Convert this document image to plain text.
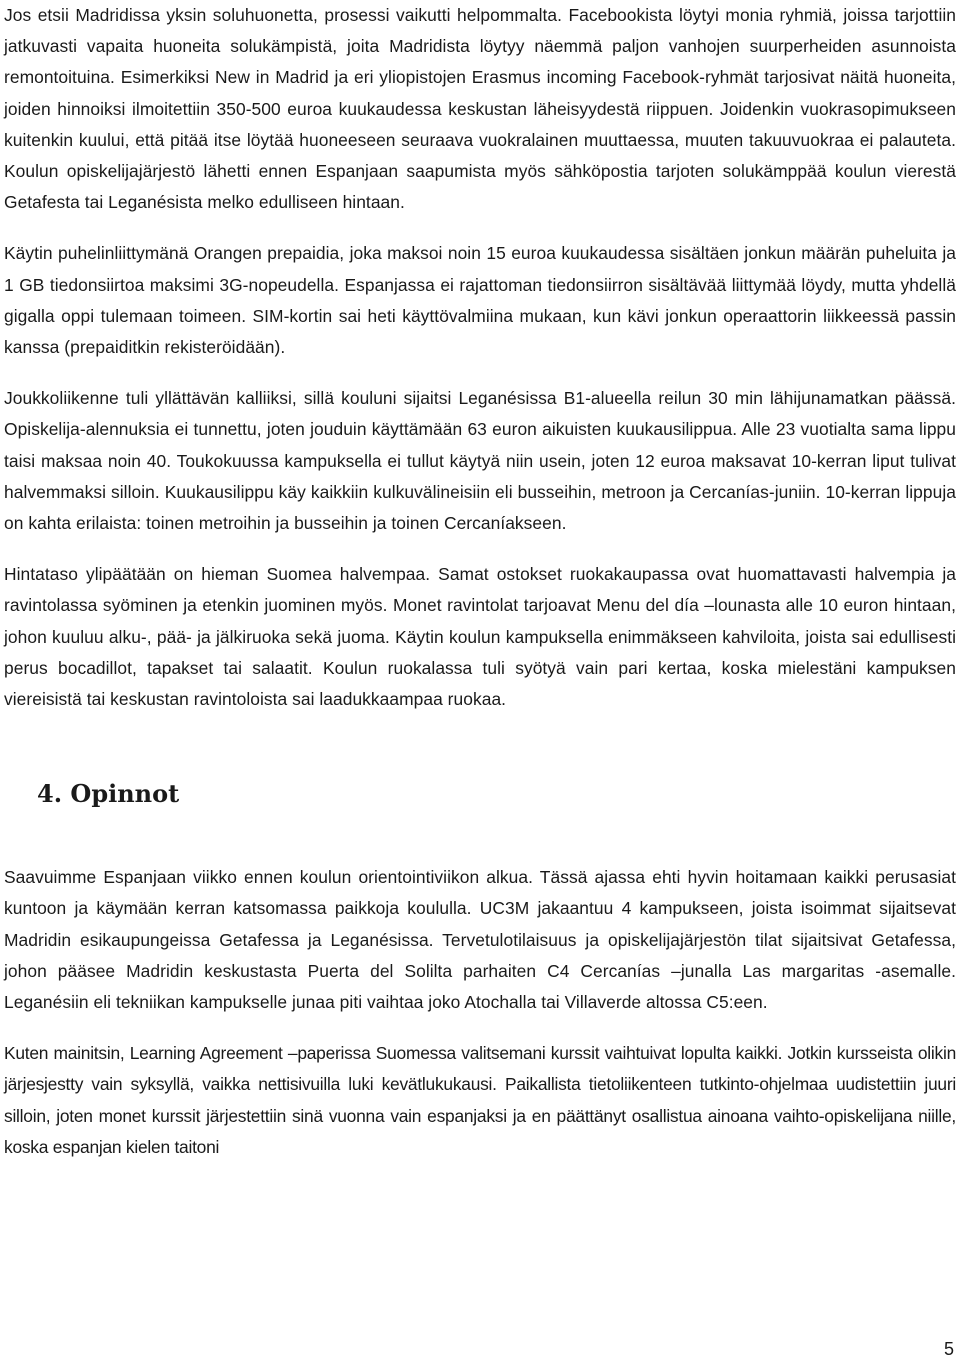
Jos etsii Madridissa yksin soluhuonetta, prosessi vaikutti helpommalta. Facebookista löytyi monia ryhmiä, joissa tarjottiin jatkuvasti vapaita huoneita solukämpistä, joita Madridista löytyy näemmä paljon vanhojen suurperheiden asunnoista remontoituina. Esimerkiksi New in Madrid ja eri yliopistojen Erasmus incoming Facebook-ryhmät tarjosivat näitä huoneita, joiden hinnoiksi ilmoitettiin 350-500 euroa kuukaudessa keskustan läheisyydestä riippuen. Joidenkin vuokrasopimukseen kuitenkin kuului, että pitää itse löytää huoneeseen seuraava vuokralainen muuttaessa, muuten takuuvuokraa ei palauteta. Koulun opiskelijajärjestö lähetti ennen Espanjaan saapumista myös sähköpostia tarjoten solukämppää koulun vierestä Getafesta tai Leganésista melko edulliseen hintaan.

Käytin puhelinliittymänä Orangen prepaidia, joka maksoi noin 15 euroa kuukaudessa sisältäen jonkun määrän puheluita ja 1 GB tiedonsiirtoa maksimi 3G-nopeudella. Espanjassa ei rajattoman tiedonsiirron sisältävää liittymää löydy, mutta yhdellä gigalla oppi tulemaan toimeen. SIM-kortin sai heti käyttövalmiina mukaan, kun kävi jonkun operaattorin liikkeessä passin kanssa (prepaiditkin rekisteröidään).

Joukkoliikenne tuli yllättävän kalliiksi, sillä kouluni sijaitsi Leganésissa B1-alueella reilun 30 min lähijunamatkan päässä. Opiskelija-alennuksia ei tunnettu, joten jouduin käyttämään 63 euron aikuisten kuukausilippua. Alle 23 vuotialta sama lippu taisi maksaa noin 40. Toukokuussa kampuksella ei tullut käytyä niin usein, joten 12 euroa maksavat 10-kerran liput tulivat halvemmaksi silloin. Kuukausilippu käy kaikkiin kulkuvälineisiin eli busseihin, metroon ja Cercanías-juniin. 10-kerran lippuja on kahta erilaista: toinen metroihin ja busseihin ja toinen Cercaníakseen.

Hintataso ylipäätään on hieman Suomea halvempaa. Samat ostokset ruokakaupassa ovat huomattavasti halvempia ja ravintolassa syöminen ja etenkin juominen myös. Monet ravintolat tarjoavat Menu del día –lounasta alle 10 euron hintaan, johon kuuluu alku-, pää- ja jälkiruoka sekä juoma. Käytin koulun kampuksella enimmäkseen kahviloita, joista sai edullisesti perus bocadillot, tapakset tai salaatit. Koulun ruokalassa tuli syötyä vain pari kertaa, koska mielestäni kampuksen viereisistä tai keskustan ravintoloista sai laadukkaampaa ruokaa.

4. Opinnot

Saavuimme Espanjaan viikko ennen koulun orientointiviikon alkua. Tässä ajassa ehti hyvin hoitamaan kaikki perusasiat kuntoon ja käymään kerran katsomassa paikkoja koululla. UC3M jakaantuu 4 kampukseen, joista isoimmat sijaitsevat Madridin esikaupungeissa Getafessa ja Leganésissa. Tervetulotilaisuus ja opiskelijajärjestön tilat sijaitsivat Getafessa, johon pääsee Madridin keskustasta Puerta del Solilta parhaiten C4 Cercanías –junalla Las margaritas -asemalle. Leganésiin eli tekniikan kampukselle junaa piti vaihtaa joko Atochalla tai Villaverde altossa C5:een.

Kuten mainitsin, Learning Agreement –paperissa Suomessa valitsemani kurssit vaihtuivat lopulta kaikki. Jotkin kursseista olikin järjesjestty vain syksyllä, vaikka nettisivuilla luki kevätlukukausi. Paikallista tietoliikenteen tutkinto-ohjelmaa uudistettiin juuri silloin, joten monet kurssit järjestettiin sinä vuonna vain espanjaksi ja en päättänyt osallistua ainoana vaihto-opiskelijana niille, koska espanjan kielen taitoni

5
